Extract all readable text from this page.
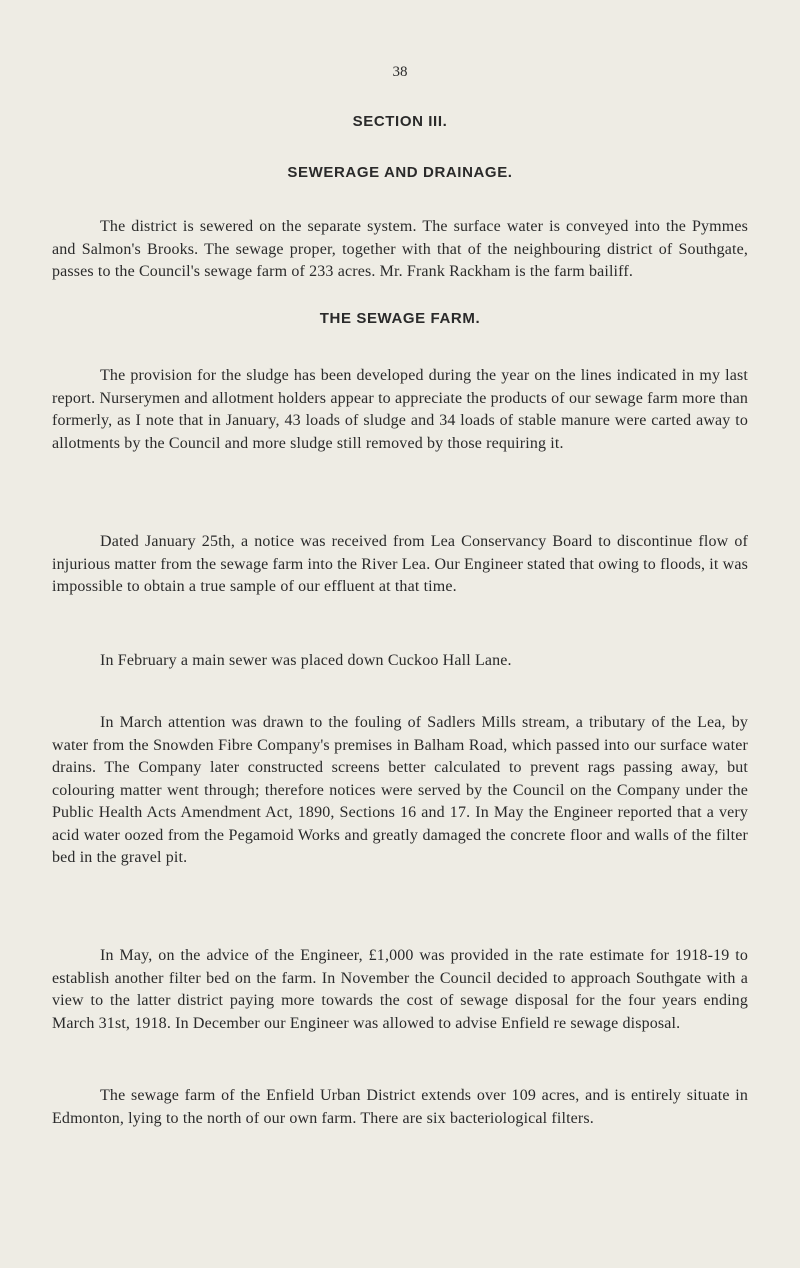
38
SECTION III.
SEWERAGE AND DRAINAGE.

The district is sewered on the separate system. The surface water is conveyed into the Pymmes and Salmon's Brooks. The sewage proper, together with that of the neighbouring district of Southgate, passes to the Council's sewage farm of 233 acres. Mr. Frank Rackham is the farm bailiff.

THE SEWAGE FARM.

The provision for the sludge has been developed during the year on the lines indicated in my last report. Nurserymen and allotment holders appear to appreciate the products of our sewage farm more than formerly, as I note that in January, 43 loads of sludge and 34 loads of stable manure were carted away to allotments by the Council and more sludge still removed by those requiring it.

Dated January 25th, a notice was received from Lea Conservancy Board to discontinue flow of injurious matter from the sewage farm into the River Lea. Our Engineer stated that owing to floods, it was impossible to obtain a true sample of our effluent at that time.

In February a main sewer was placed down Cuckoo Hall Lane.

In March attention was drawn to the fouling of Sadlers Mills stream, a tributary of the Lea, by water from the Snowden Fibre Company's premises in Balham Road, which passed into our surface water drains. The Company later constructed screens better calculated to prevent rags passing away, but colouring matter went through; therefore notices were served by the Council on the Company under the Public Health Acts Amendment Act, 1890, Sections 16 and 17. In May the Engineer reported that a very acid water oozed from the Pegamoid Works and greatly damaged the concrete floor and walls of the filter bed in the gravel pit.

In May, on the advice of the Engineer, £1,000 was provided in the rate estimate for 1918-19 to establish another filter bed on the farm. In November the Council decided to approach Southgate with a view to the latter district paying more towards the cost of sewage disposal for the four years ending March 31st, 1918. In December our Engineer was allowed to advise Enfield re sewage disposal.

The sewage farm of the Enfield Urban District extends over 109 acres, and is entirely situate in Edmonton, lying to the north of our own farm. There are six bacteriological filters.
